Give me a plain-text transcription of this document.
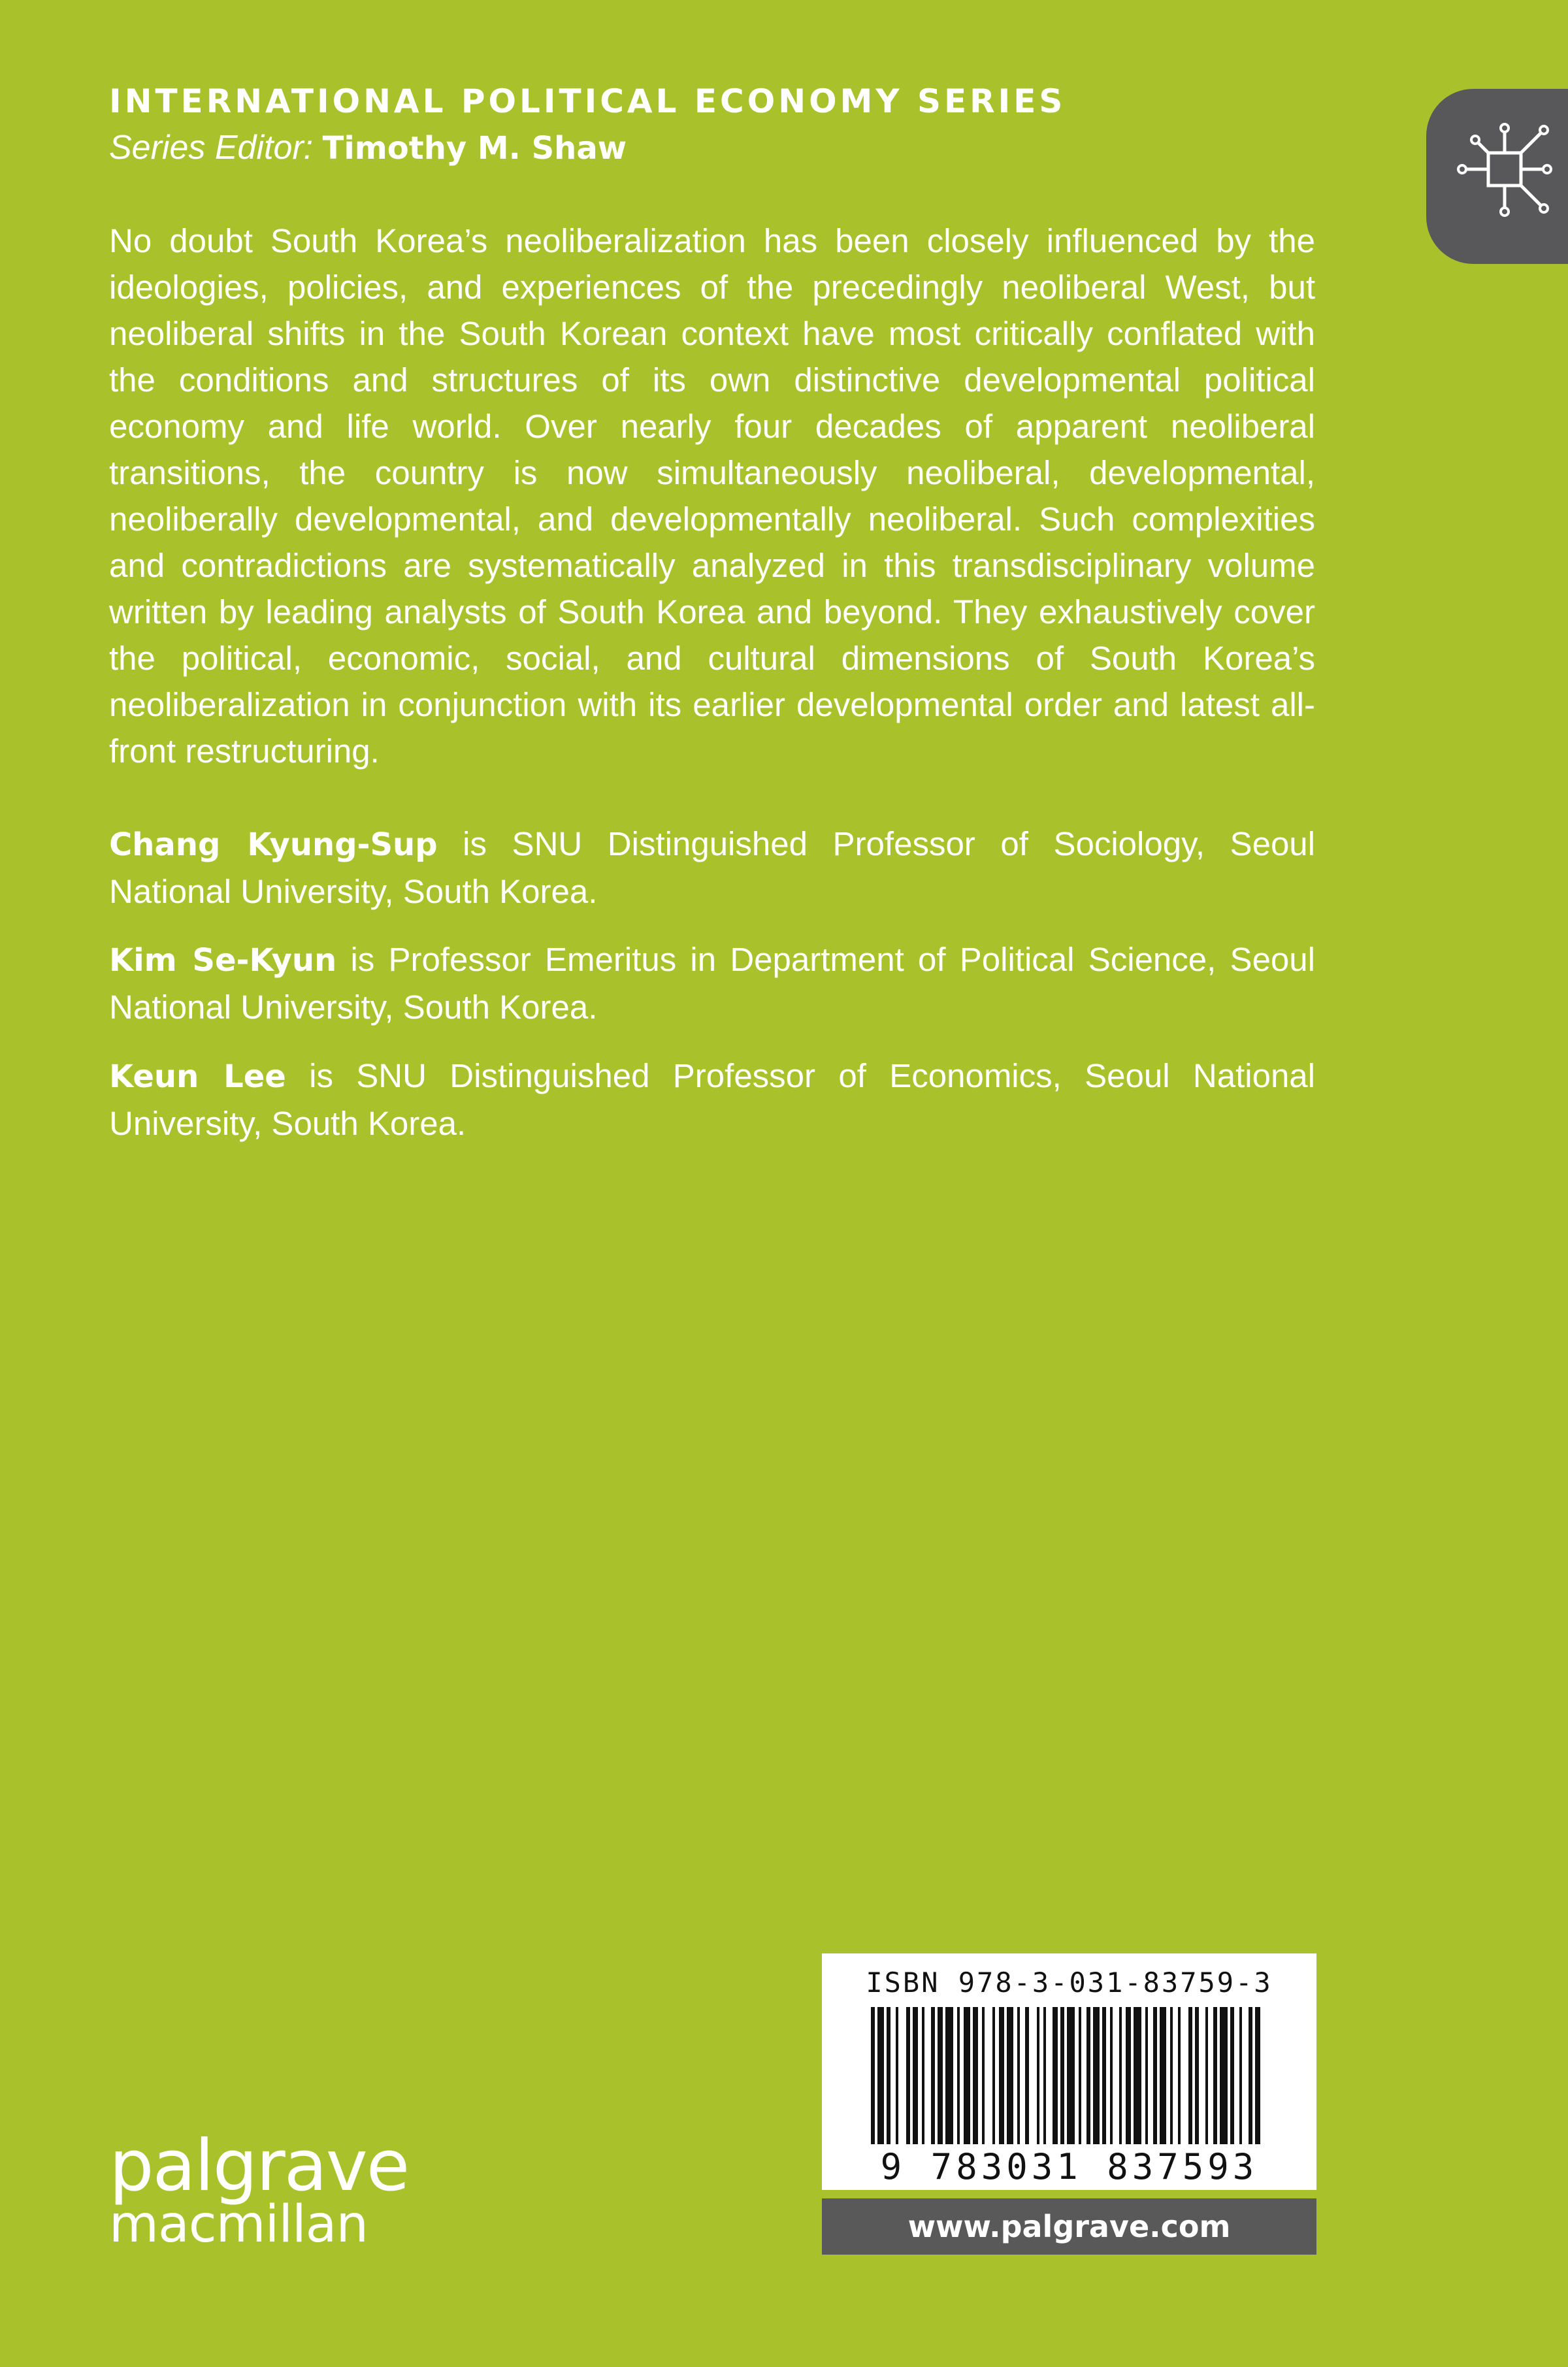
INTERNATIONAL POLITICAL ECONOMY SERIES
Series Editor: Timothy M. Shaw

No doubt South Korea’s neoliberalization has been closely influenced by the ideologies, policies, and experiences of the precedingly neoliberal West, but neoliberal shifts in the South Korean context have most critically conflated with the conditions and structures of its own distinctive developmental political economy and life world. Over nearly four decades of apparent neoliberal transitions, the country is now simultaneously neoliberal, developmental, neoliberally developmental, and developmentally neoliberal. Such complexities and contradictions are systematically analyzed in this transdisciplinary volume written by leading analysts of South Korea and beyond. They exhaustively cover the political, economic, social, and cultural dimensions of South Korea’s neoliberalization in conjunction with its earlier developmental order and latest all-front restructuring.

Chang Kyung-Sup is SNU Distinguished Professor of Sociology, Seoul National University, South Korea.

Kim Se-Kyun is Professor Emeritus in Department of Political Science, Seoul National University, South Korea.

Keun Lee is SNU Distinguished Professor of Economics, Seoul National University, South Korea.

palgrave
macmillan
ISBN 978-3-031-83759-3
9 783031 837593
www.palgrave.com
